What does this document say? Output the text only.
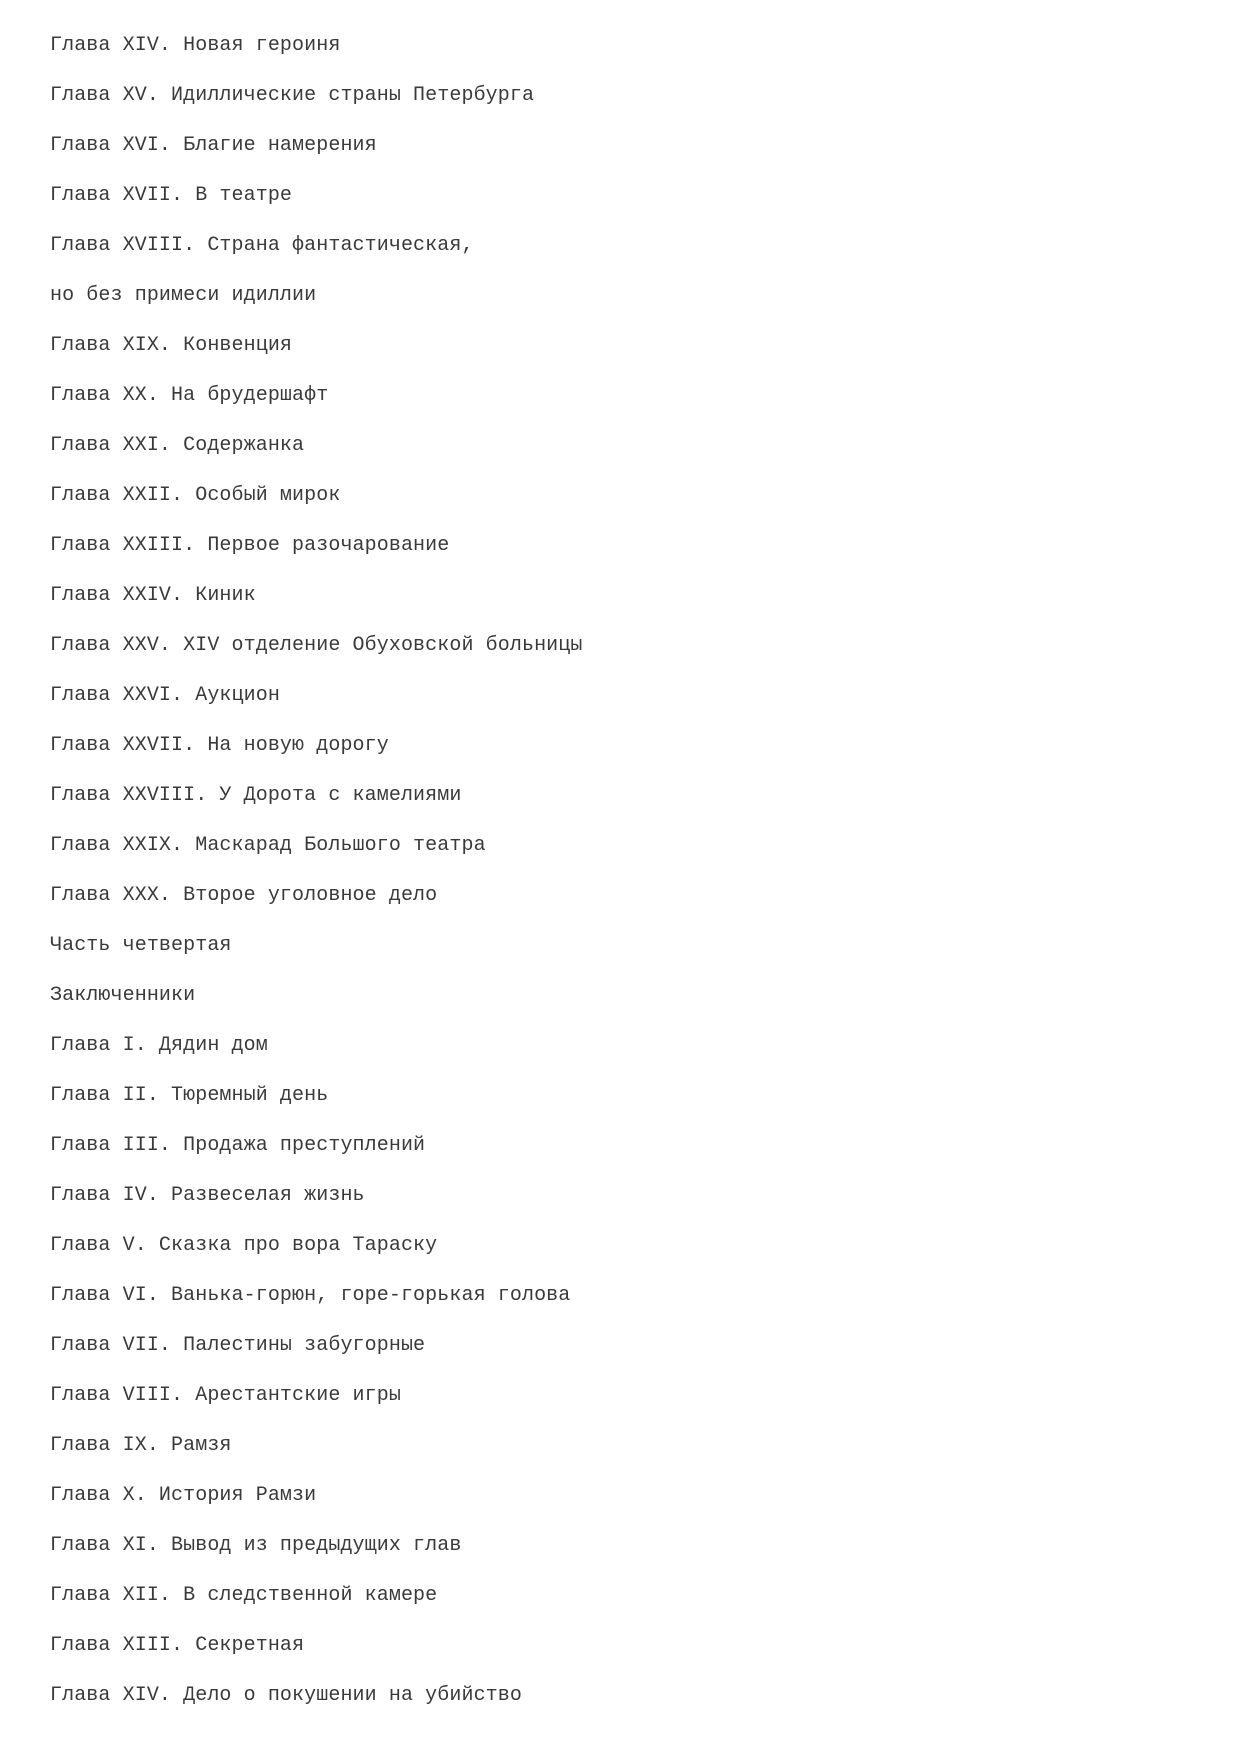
Глава XIV. Новая героиня
Глава XV. Идиллические страны Петербурга
Глава XVI. Благие намерения
Глава XVII. В театре
Глава XVIII. Страна фантастическая,
но без примеси идиллии
Глава XIX. Конвенция
Глава XX. На брудершафт
Глава XXI. Содержанка
Глава XXII. Особый мирок
Глава XXIII. Первое разочарование
Глава XXIV. Киник
Глава XXV. XIV отделение Обуховской больницы
Глава XXVI. Аукцион
Глава XXVII. На новую дорогу
Глава XXVIII. У Дорота с камелиями
Глава XXIX. Маскарад Большого театра
Глава XXX. Второе уголовное дело
Часть четвертая
Заключенники
Глава I. Дядин дом
Глава II. Тюремный день
Глава III. Продажа преступлений
Глава IV. Развеселая жизнь
Глава V. Сказка про вора Тараску
Глава VI. Ванька-горюн, горе-горькая голова
Глава VII. Палестины забугорные
Глава VIII. Арестантские игры
Глава IX. Рамзя
Глава X. История Рамзи
Глава XI. Вывод из предыдущих глав
Глава XII. В следственной камере
Глава XIII. Секретная
Глава XIV. Дело о покушении на убийство
